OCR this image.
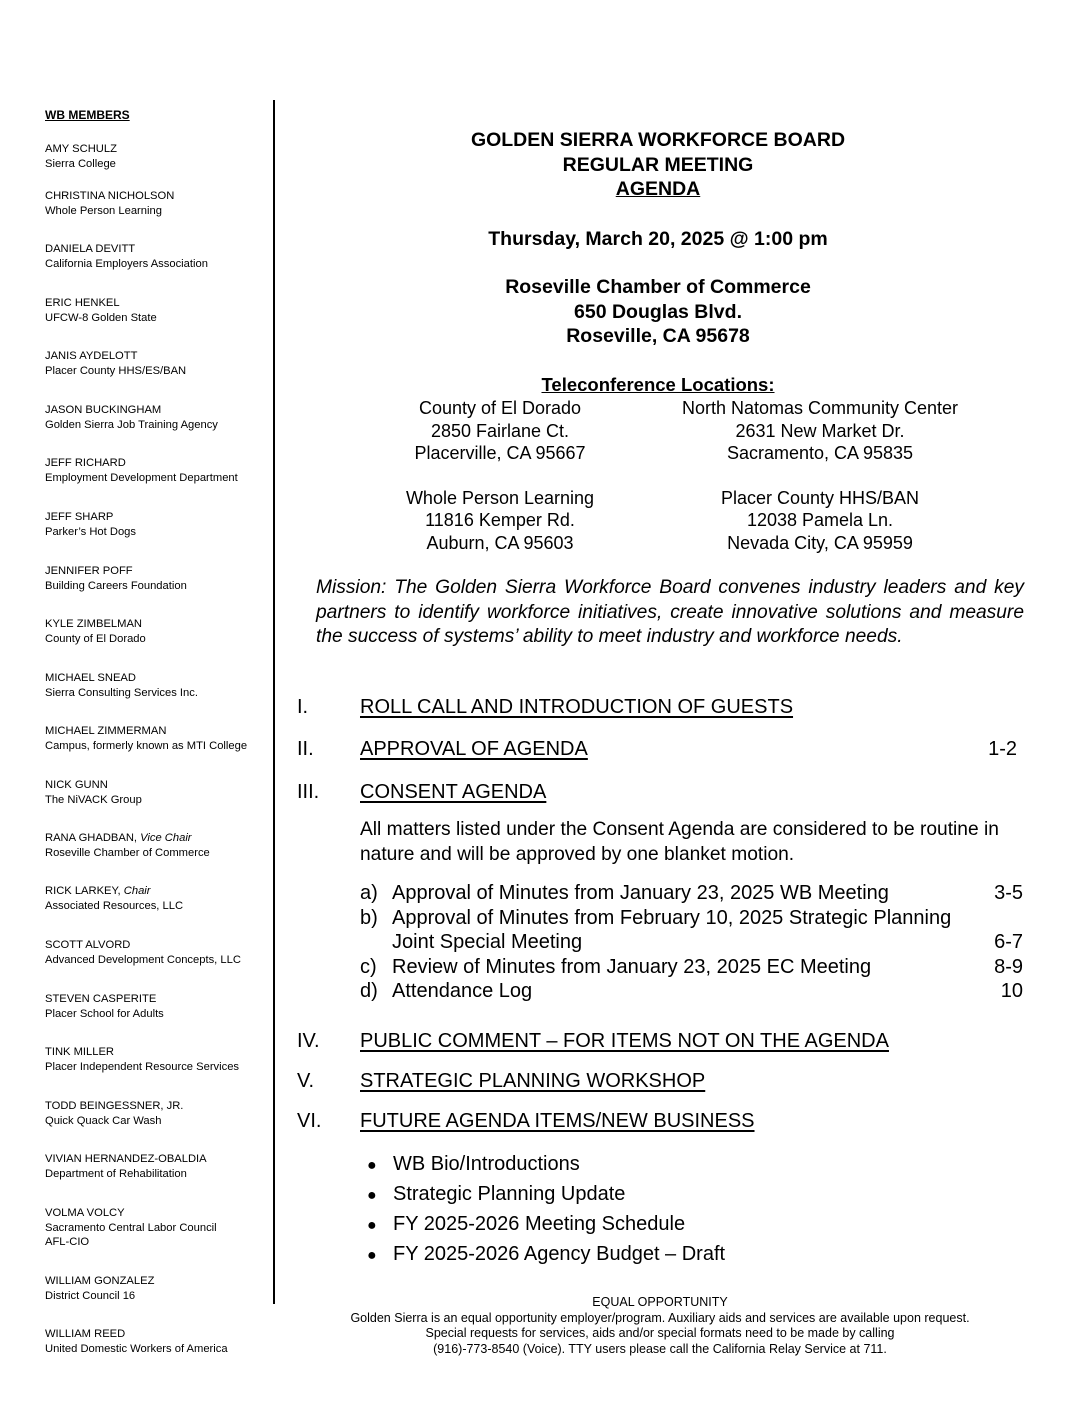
WB MEMBERS
AMY SCHULZ
Sierra College
CHRISTINA NICHOLSON
Whole Person Learning
DANIELA DEVITT
California Employers Association
ERIC HENKEL
UFCW-8 Golden State
JANIS AYDELOTT
Placer County HHS/ES/BAN
JASON BUCKINGHAM
Golden Sierra Job Training Agency
JEFF RICHARD
Employment Development Department
JEFF SHARP
Parker’s Hot Dogs
JENNIFER POFF
Building Careers Foundation
KYLE ZIMBELMAN
County of El Dorado
MICHAEL SNEAD
Sierra Consulting Services Inc.
MICHAEL ZIMMERMAN
Campus, formerly known as MTI College
NICK GUNN
The NiVACK Group
RANA GHADBAN, Vice Chair
Roseville Chamber of Commerce
RICK LARKEY, Chair
Associated Resources, LLC
SCOTT ALVORD
Advanced Development Concepts, LLC
STEVEN CASPERITE
Placer School for Adults
TINK MILLER
Placer Independent Resource Services
TODD BEINGESSNER, JR.
Quick Quack Car Wash
VIVIAN HERNANDEZ-OBALDIA
Department of Rehabilitation
VOLMA VOLCY
Sacramento Central Labor Council
AFL-CIO
WILLIAM GONZALEZ
District Council 16
WILLIAM REED
United Domestic Workers of America
GOLDEN SIERRA WORKFORCE BOARD
REGULAR MEETING
AGENDA
Thursday, March 20, 2025 @ 1:00 pm
Roseville Chamber of Commerce
650 Douglas Blvd.
Roseville, CA 95678
Teleconference Locations:
County of El Dorado
2850 Fairlane Ct.
Placerville, CA 95667
Whole Person Learning
11816 Kemper Rd.
Auburn, CA 95603
North Natomas Community Center
2631 New Market Dr.
Sacramento, CA 95835
Placer County HHS/BAN
12038 Pamela Ln.
Nevada City, CA 95959
Mission: The Golden Sierra Workforce Board convenes industry leaders and key partners to identify workforce initiatives, create innovative solutions and measure the success of systems’ ability to meet industry and workforce needs.
I.	ROLL CALL AND INTRODUCTION OF GUESTS
II. APPROVAL OF AGENDA	1-2
III. CONSENT AGENDA
All matters listed under the Consent Agenda are considered to be routine in nature and will be approved by one blanket motion.
a) Approval of Minutes from January 23, 2025 WB Meeting	3-5
b) Approval of Minutes from February 10, 2025 Strategic Planning
Joint Special Meeting	6-7
c) Review of Minutes from January 23, 2025 EC Meeting	8-9
d) Attendance Log	10
IV. PUBLIC COMMENT – FOR ITEMS NOT ON THE AGENDA
V. STRATEGIC PLANNING WORKSHOP
VI. FUTURE AGENDA ITEMS/NEW BUSINESS
● WB Bio/Introductions
● Strategic Planning Update
● FY 2025-2026 Meeting Schedule
● FY 2025-2026 Agency Budget – Draft
EQUAL OPPORTUNITY
Golden Sierra is an equal opportunity employer/program. Auxiliary aids and services are available upon request.
Special requests for services, aids and/or special formats need to be made by calling
(916)-773-8540 (Voice). TTY users please call the California Relay Service at 711.
